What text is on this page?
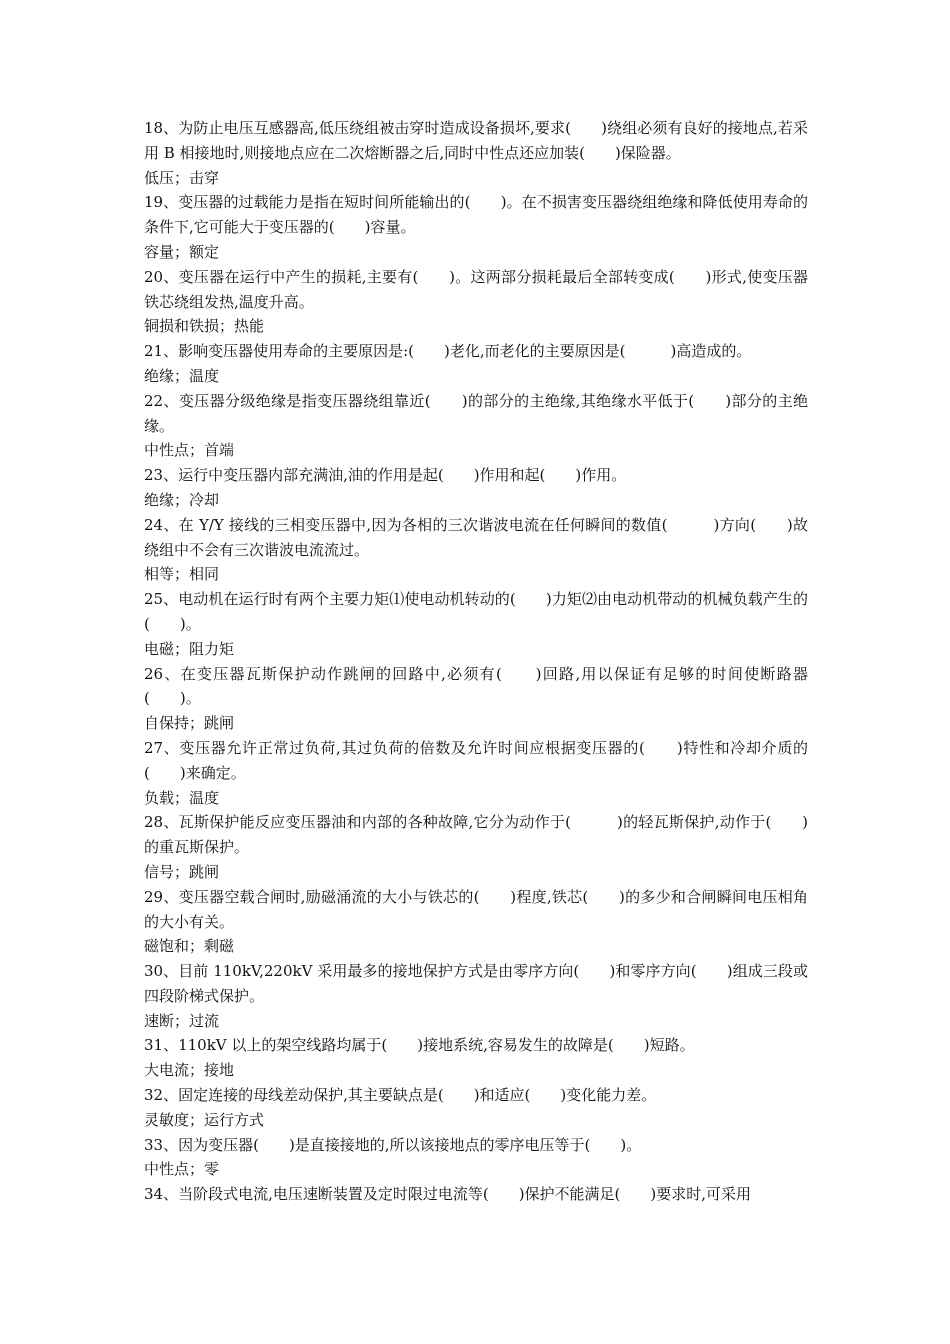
18、为防止电压互感器高,低压绕组被击穿时造成设备损坏,要求(　　)绕组必须有良好的接地点,若采用 B 相接地时,则接地点应在二次熔断器之后,同时中性点还应加装(　　)保险器。

低压；击穿

19、变压器的过载能力是指在短时间所能输出的(　　)。在不损害变压器绕组绝缘和降低使用寿命的条件下,它可能大于变压器的(　　)容量。

容量；额定

20、变压器在运行中产生的损耗,主要有(　　)。这两部分损耗最后全部转变成(　　)形式,使变压器铁芯绕组发热,温度升高。

铜损和铁损；热能

21、影响变压器使用寿命的主要原因是:(　　)老化,而老化的主要原因是(　　　)高造成的。

绝缘；温度

22、变压器分级绝缘是指变压器绕组靠近(　　)的部分的主绝缘,其绝缘水平低于(　　)部分的主绝缘。

中性点；首端

23、运行中变压器内部充满油,油的作用是起(　　)作用和起(　　)作用。

绝缘；冷却

24、在 Y/Y 接线的三相变压器中,因为各相的三次谐波电流在任何瞬间的数值(　　　)方向(　　)故绕组中不会有三次谐波电流流过。

相等；相同

25、电动机在运行时有两个主要力矩⑴使电动机转动的(　　)力矩⑵由电动机带动的机械负载产生的(　　)。

电磁；阻力矩

26、在变压器瓦斯保护动作跳闸的回路中,必须有(　　)回路,用以保证有足够的时间使断路器(　　)。

自保持；跳闸

27、变压器允许正常过负荷,其过负荷的倍数及允许时间应根据变压器的(　　)特性和冷却介质的(　　)来确定。

负载；温度

28、瓦斯保护能反应变压器油和内部的各种故障,它分为动作于(　　　)的轻瓦斯保护,动作于(　　)的重瓦斯保护。

信号；跳闸

29、变压器空载合闸时,励磁涌流的大小与铁芯的(　　)程度,铁芯(　　)的多少和合闸瞬间电压相角的大小有关。

磁饱和；剩磁

30、目前 110kV,220kV 采用最多的接地保护方式是由零序方向(　　)和零序方向(　　)组成三段或四段阶梯式保护。

速断；过流

31、110kV 以上的架空线路均属于(　　)接地系统,容易发生的故障是(　　)短路。

大电流；接地

32、固定连接的母线差动保护,其主要缺点是(　　)和适应(　　)变化能力差。

灵敏度；运行方式

33、因为变压器(　　)是直接接地的,所以该接地点的零序电压等于(　　)。

中性点；零

34、当阶段式电流,电压速断装置及定时限过电流等(　　)保护不能满足(　　)要求时,可采用
